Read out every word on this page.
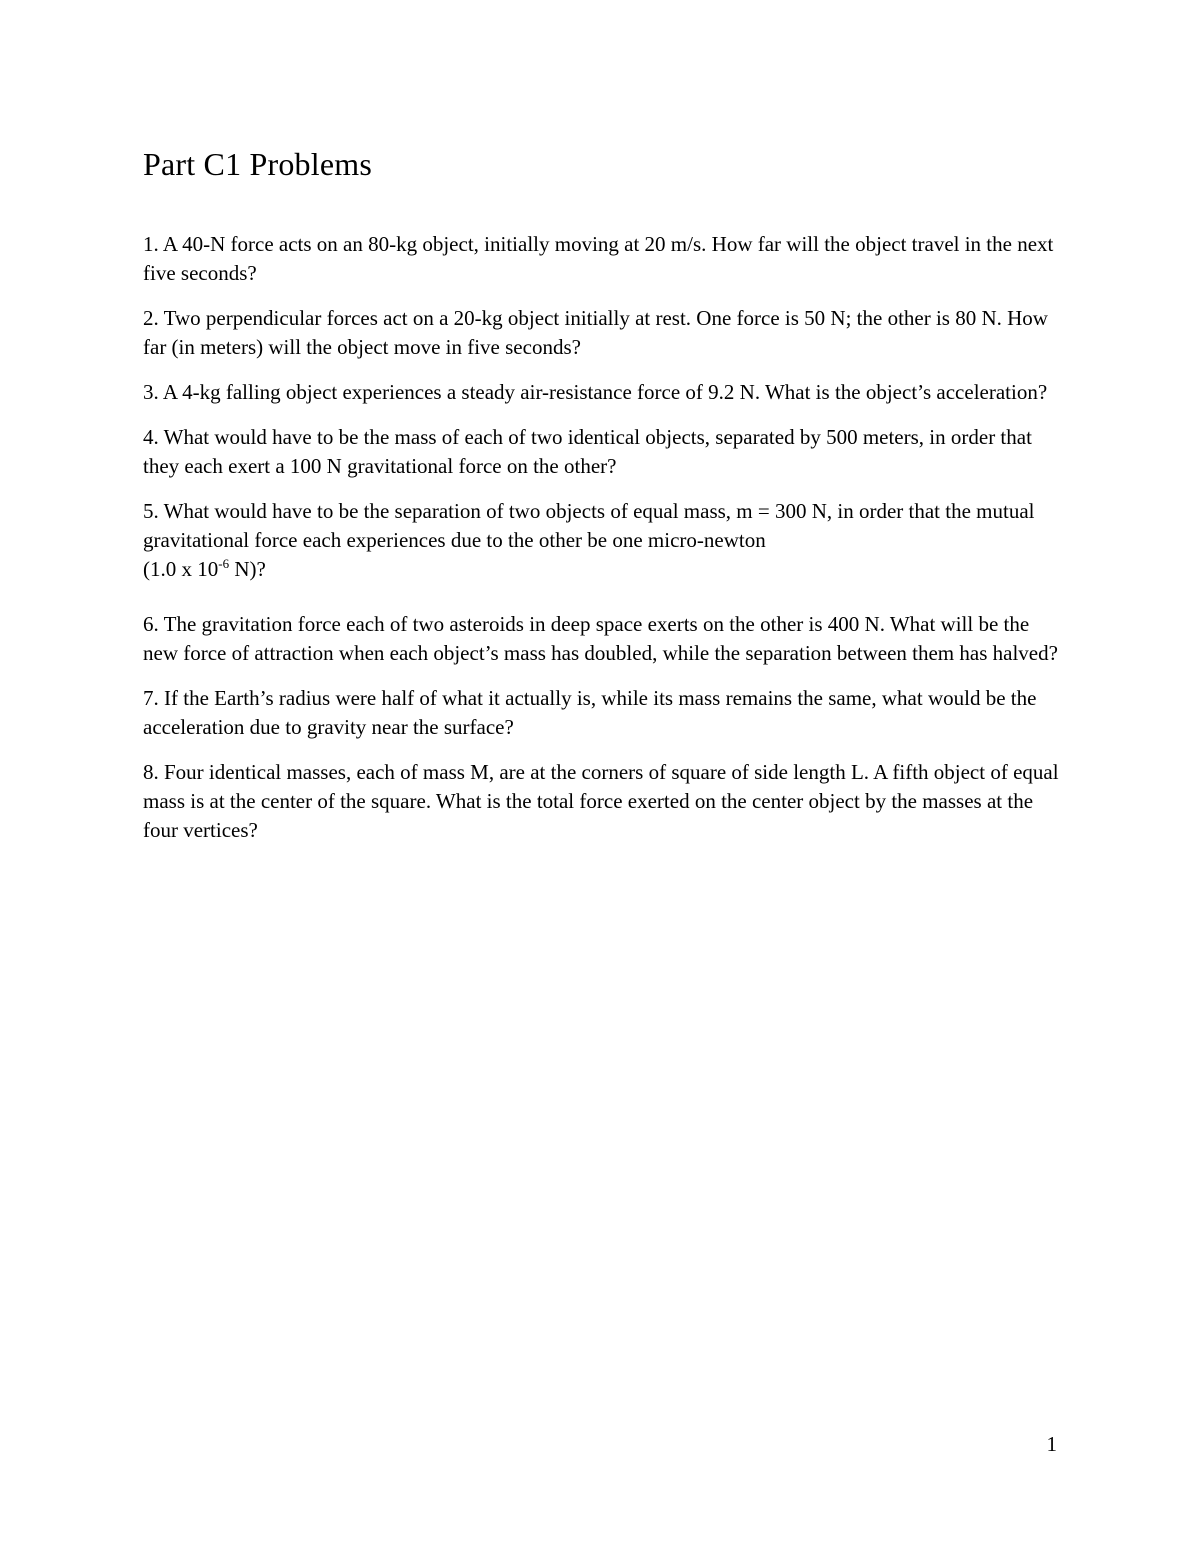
Part C1 Problems
1. A 40-N force acts on an 80-kg object, initially moving at 20 m/s. How far will the object travel in the next five seconds?
2. Two perpendicular forces act on a 20-kg object initially at rest. One force is 50 N; the other is 80 N. How far (in meters) will the object move in five seconds?
3. A 4-kg falling object experiences a steady air-resistance force of 9.2 N. What is the object’s acceleration?
4. What would have to be the mass of each of two identical objects, separated by 500 meters, in order that they each exert a 100 N gravitational force on the other?
5. What would have to be the separation of two objects of equal mass, m = 300 N, in order that the mutual gravitational force each experiences due to the other be one micro-newton
(1.0 x $10^{-6}$ N)?
6. The gravitation force each of two asteroids in deep space exerts on the other is 400 N. What will be the new force of attraction when each object’s mass has doubled, while the separation between them has halved?
7. If the Earth’s radius were half of what it actually is, while its mass remains the same, what would be the acceleration due to gravity near the surface?
8. Four identical masses, each of mass M, are at the corners of square of side length L. A fifth object of equal mass is at the center of the square. What is the total force exerted on the center object by the masses at the four vertices?
1
